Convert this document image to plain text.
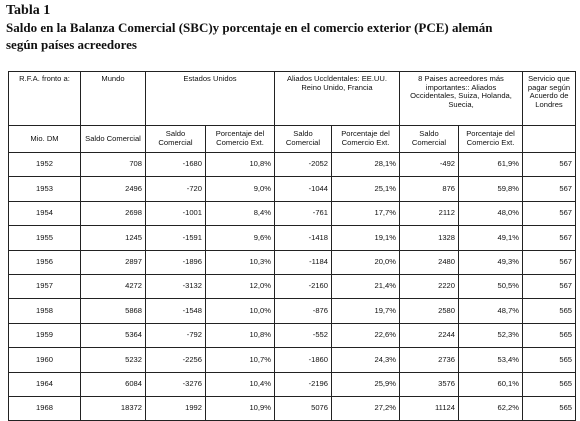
Tabla 1
Saldo en la Balanza Comercial (SBC)y porcentaje en el comercio exterior (PCE) alemán
según países acreedores
R.F.A. fronto a:	Mundo	Estados Unidos		Aliados Uccldentales: EE.UU. Reino Unido, Francia		8 Paises acreedores más importantes:: Aliados Occidentales, Suiza, Holanda, Suecia,		Servicio que pagar según Acuerdo de Londres
Mio. DM	Saldo Comercial	Saldo Comercial	Porcentaje del Comercio Ext.	Saldo Comercial	Porcentaje del Comercio Ext.	Saldo Comercial	Porcentaje del Comercio Ext.	
1952	708	-1680	10,8%	-2052	28,1%	-492	61,9%	567
1953	2496	-720	9,0%	-1044	25,1%	876	59,8%	567
1954	2698	-1001	8,4%	-761	17,7%	2112	48,0%	567
1955	1245	-1591	9,6%	-1418	19,1%	1328	49,1%	567
1956	2897	-1896	10,3%	-1184	20,0%	2480	49,3%	567
1957	4272	-3132	12,0%	-2160	21,4%	2220	50,5%	567
1958	5868	-1548	10,0%	-876	19,7%	2580	48,7%	565
1959	5364	-792	10,8%	-552	22,6%	2244	52,3%	565
1960	5232	-2256	10,7%	-1860	24,3%	2736	53,4%	565
1964	6084	-3276	10,4%	-2196	25,9%	3576	60,1%	565
1968	18372	1992	10,9%	5076	27,2%	11124	62,2%	565
